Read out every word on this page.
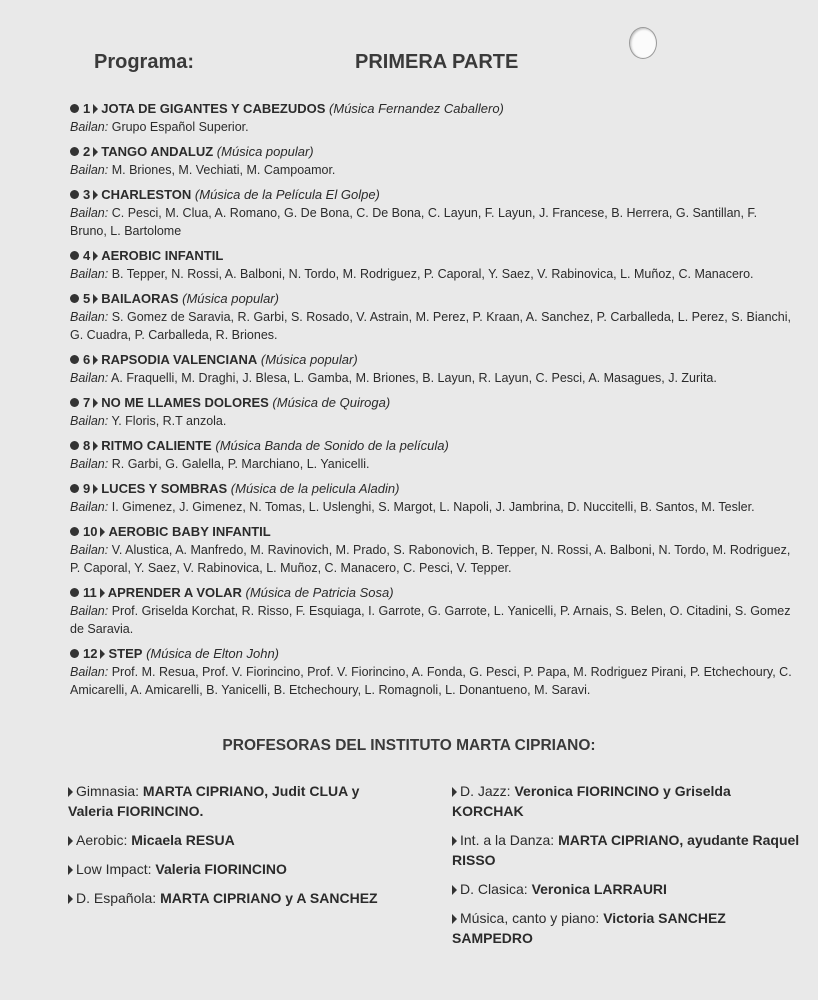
Programa:	PRIMERA PARTE
1 JOTA DE GIGANTES Y CABEZUDOS (Música Fernandez Caballero)
Bailan: Grupo Español Superior.
2 TANGO ANDALUZ (Música popular)
Bailan: M. Briones, M. Vechiati, M. Campoamor.
3 CHARLESTON (Música de la Película El Golpe)
Bailan: C. Pesci, M. Clua, A. Romano, G. De Bona, C. De Bona, C. Layun, F. Layun, J. Francese, B. Herrera, G. Santillan, F. Bruno, L. Bartolome
4 AEROBIC INFANTIL
Bailan: B. Tepper, N. Rossi, A. Balboni, N. Tordo, M. Rodriguez, P. Caporal, Y. Saez, V. Rabinovica, L. Muñoz, C. Manacero.
5 BAILAORAS (Música popular)
Bailan: S. Gomez de Saravia, R. Garbi, S. Rosado, V. Astrain, M. Perez, P. Kraan, A. Sanchez, P. Carballeda, L. Perez, S. Bianchi, G. Cuadra, P. Carballeda, R. Briones.
6 RAPSODIA VALENCIANA (Música popular)
Bailan: A. Fraquelli, M. Draghi, J. Blesa, L. Gamba, M. Briones, B. Layun, R. Layun, C. Pesci, A. Masagues, J. Zurita.
7 NO ME LLAMES DOLORES (Música de Quiroga)
Bailan: Y. Floris, R.T anzola.
8 RITMO CALIENTE (Música Banda de Sonido de la película)
Bailan: R. Garbi, G. Galella, P. Marchiano, L. Yanicelli.
9 LUCES Y SOMBRAS (Música de la pelicula Aladin)
Bailan: I. Gimenez, J. Gimenez, N. Tomas, L. Uslenghi, S. Margot, L. Napoli, J. Jambrina, D. Nuccitelli, B. Santos, M. Tesler.
10 AEROBIC BABY INFANTIL
Bailan: V. Alustica, A. Manfredo, M. Ravinovich, M. Prado, S. Rabonovich, B. Tepper, N. Rossi, A. Balboni, N. Tordo, M. Rodriguez, P. Caporal, Y. Saez, V. Rabinovica, L. Muñoz, C. Manacero, C. Pesci, V. Tepper.
11 APRENDER A VOLAR (Música de Patricia Sosa)
Bailan: Prof. Griselda Korchat, R. Risso, F. Esquiaga, I. Garrote, G. Garrote, L. Yanicelli, P. Arnais, S. Belen, O. Citadini, S. Gomez de Saravia.
12 STEP (Música de Elton John)
Bailan: Prof. M. Resua, Prof. V. Fiorincino, Prof. V. Fiorincino, A. Fonda, G. Pesci, P. Papa, M. Rodriguez Pirani, P. Etchechoury, C. Amicarelli, A. Amicarelli, B. Yanicelli, B. Etchechoury, L. Romagnoli, L. Donantueno, M. Saravi.
PROFESORAS DEL INSTITUTO MARTA CIPRIANO:
Gimnasia: MARTA CIPRIANO, Judit CLUA y Valeria FIORINCINO.
Aerobic: Micaela RESUA
Low Impact: Valeria FIORINCINO
D. Española: MARTA CIPRIANO y A SANCHEZ
D. Jazz: Veronica FIORINCINO y Griselda KORCHAK
Int. a la Danza: MARTA CIPRIANO, ayudante Raquel RISSO
D. Clasica: Veronica LARRAURI
Música, canto y piano: Victoria SANCHEZ SAMPEDRO
